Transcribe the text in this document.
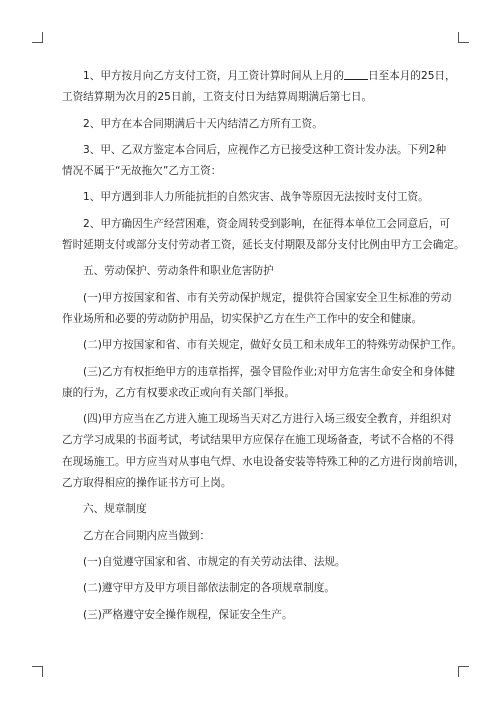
1、甲方按月向乙方支付工资，月工资计算时间从上月的 日至本月的25日，
工资结算期为次月的25日前，工资支付日为结算周期满后第七日。

2、甲方在本合同期满后十天内结清乙方所有工资。

3、甲、乙双方鉴定本合同后，应视作乙方已接受这种工资计发办法。下列2种
情况不属于“无故拖欠”乙方工资：

1、甲方遇到非人力所能抗拒的自然灾害、战争等原因无法按时支付工资。

2、甲方确因生产经营困难，资金周转受到影响，在征得本单位工会同意后，可
暂时延期支付或部分支付劳动者工资，延长支付期限及部分支付比例由甲方工会确定。

五、劳动保护、劳动条件和职业危害防护

(一)甲方按国家和省、市有关劳动保护规定，提供符合国家安全卫生标准的劳动
作业场所和必要的劳动防护用品，切实保护乙方在生产工作中的安全和健康。

(二)甲方按国家和省、市有关规定，做好女员工和未成年工的特殊劳动保护工作。

(三)乙方有权拒绝甲方的违章指挥，强令冒险作业;对甲方危害生命安全和身体健
康的行为，乙方有权要求改正或向有关部门举报。

(四)甲方应当在乙方进入施工现场当天对乙方进行入场三级安全教育，并组织对
乙方学习成果的书面考试，考试结果甲方应保存在施工现场备查，考试不合格的不得
在现场施工。甲方应当对从事电气焊、水电设备安装等特殊工种的乙方进行岗前培训，
乙方取得相应的操作证书方可上岗。

六、规章制度

乙方在合同期内应当做到：

(一)自觉遵守国家和省、市规定的有关劳动法律、法规。

(二)遵守甲方及甲方项目部依法制定的各项规章制度。

(三)严格遵守安全操作规程，保证安全生产。
